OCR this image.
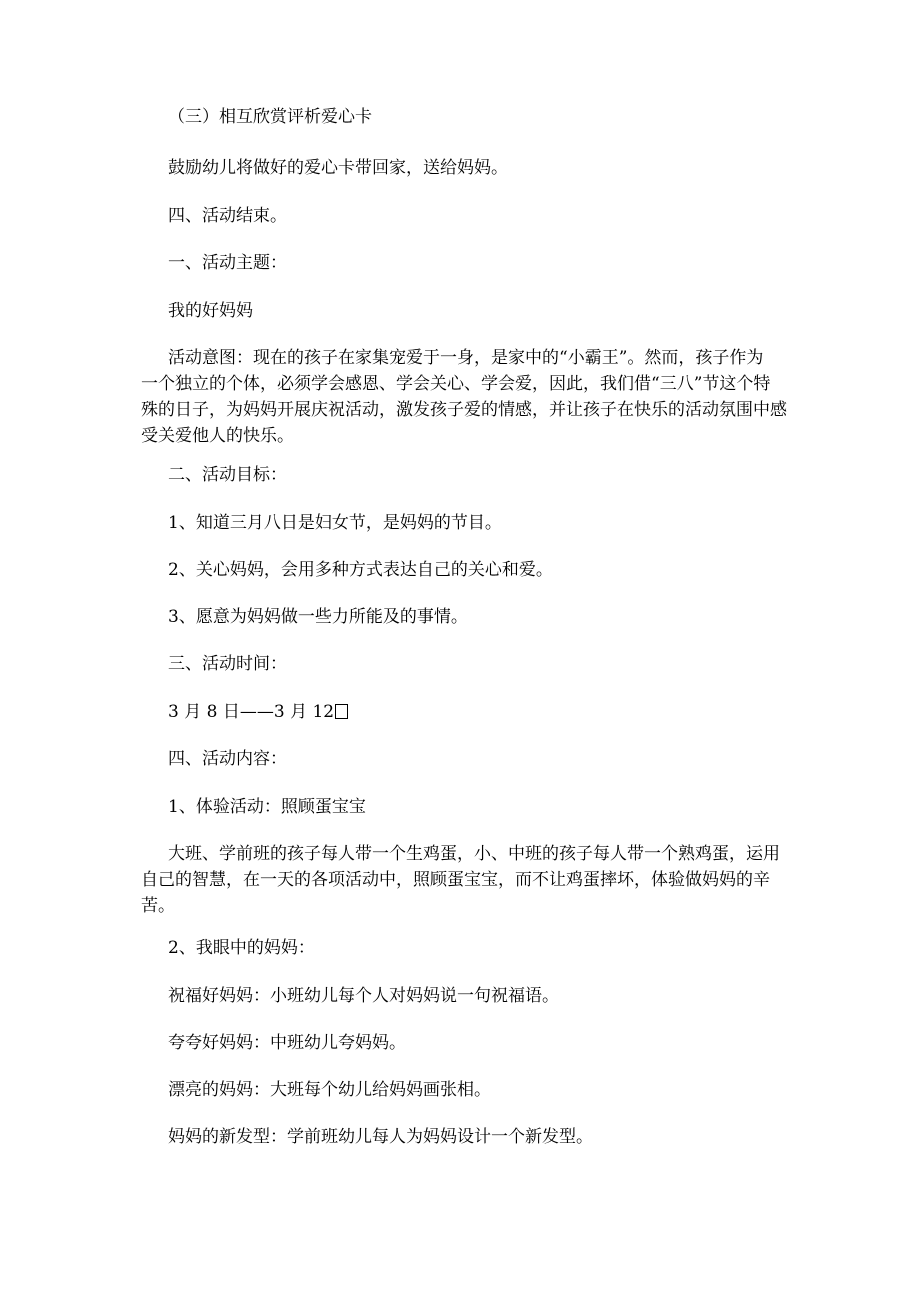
（三）相互欣赏评析爱心卡

鼓励幼儿将做好的爱心卡带回家，送给妈妈。

四、活动结束。

一、活动主题：

我的好妈妈

活动意图：现在的孩子在家集宠爱于一身，是家中的“小霸王”。然而，孩子作为
一个独立的个体，必须学会感恩、学会关心、学会爱，因此，我们借“三八”节这个特
殊的日子，为妈妈开展庆祝活动，激发孩子爱的情感，并让孩子在快乐的活动氛围中感
受关爱他人的快乐。

二、活动目标：

1、知道三月八日是妇女节，是妈妈的节目。

2、关心妈妈，会用多种方式表达自己的关心和爱。

3、愿意为妈妈做一些力所能及的事情。

三、活动时间：

3 月 8 日——3 月 12

四、活动内容：

1、体验活动：照顾蛋宝宝

大班、学前班的孩子每人带一个生鸡蛋，小、中班的孩子每人带一个熟鸡蛋，运用
自己的智慧，在一天的各项活动中，照顾蛋宝宝，而不让鸡蛋摔坏，体验做妈妈的辛
苦。

2、我眼中的妈妈：

祝福好妈妈：小班幼儿每个人对妈妈说一句祝福语。

夸夸好妈妈：中班幼儿夸妈妈。

漂亮的妈妈：大班每个幼儿给妈妈画张相。

妈妈的新发型：学前班幼儿每人为妈妈设计一个新发型。
